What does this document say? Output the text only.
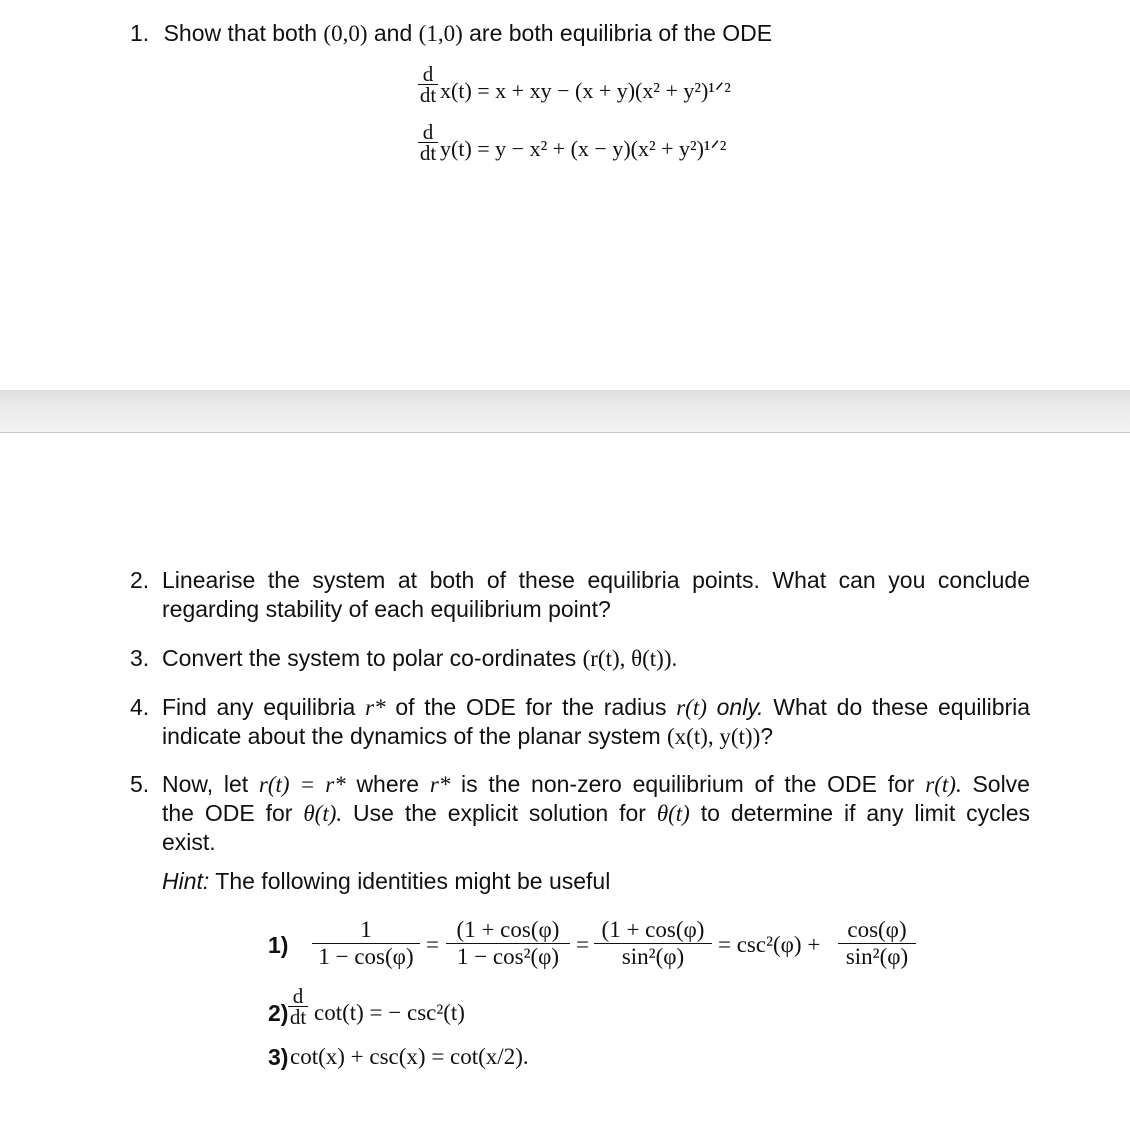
1. Show that both (0,0) and (1,0) are both equilibria of the ODE
d
dt x(t) = x + xy − (x + y)(x² + y²)¹ᐟ²
d
dt y(t) = y − x² + (x − y)(x² + y²)¹ᐟ²
2. Linearise the system at both of these equilibria points. What can you conclude
regarding stability of each equilibrium point?
3. Convert the system to polar co-ordinates (r(t), θ(t)).
4. Find any equilibria r* of the ODE for the radius r(t) only. What do these equilibria
indicate about the dynamics of the planar system (x(t), y(t))?
5. Now, let r(t) = r* where r* is the non-zero equilibrium of the ODE for r(t). Solve
the ODE for θ(t). Use the explicit solution for θ(t) to determine if any limit cycles
exist.
Hint: The following identities might be useful
1)
1
1 − cos(φ) =
(1 + cos(φ)
1 − cos²(φ) =
(1 + cos(φ)
sin²(φ)	= csc²(φ) +
cos(φ)
sin²(φ)
2)
d
dt cot(t) = − csc²(t)
3) cot(x) + csc(x) = cot(x/2).
